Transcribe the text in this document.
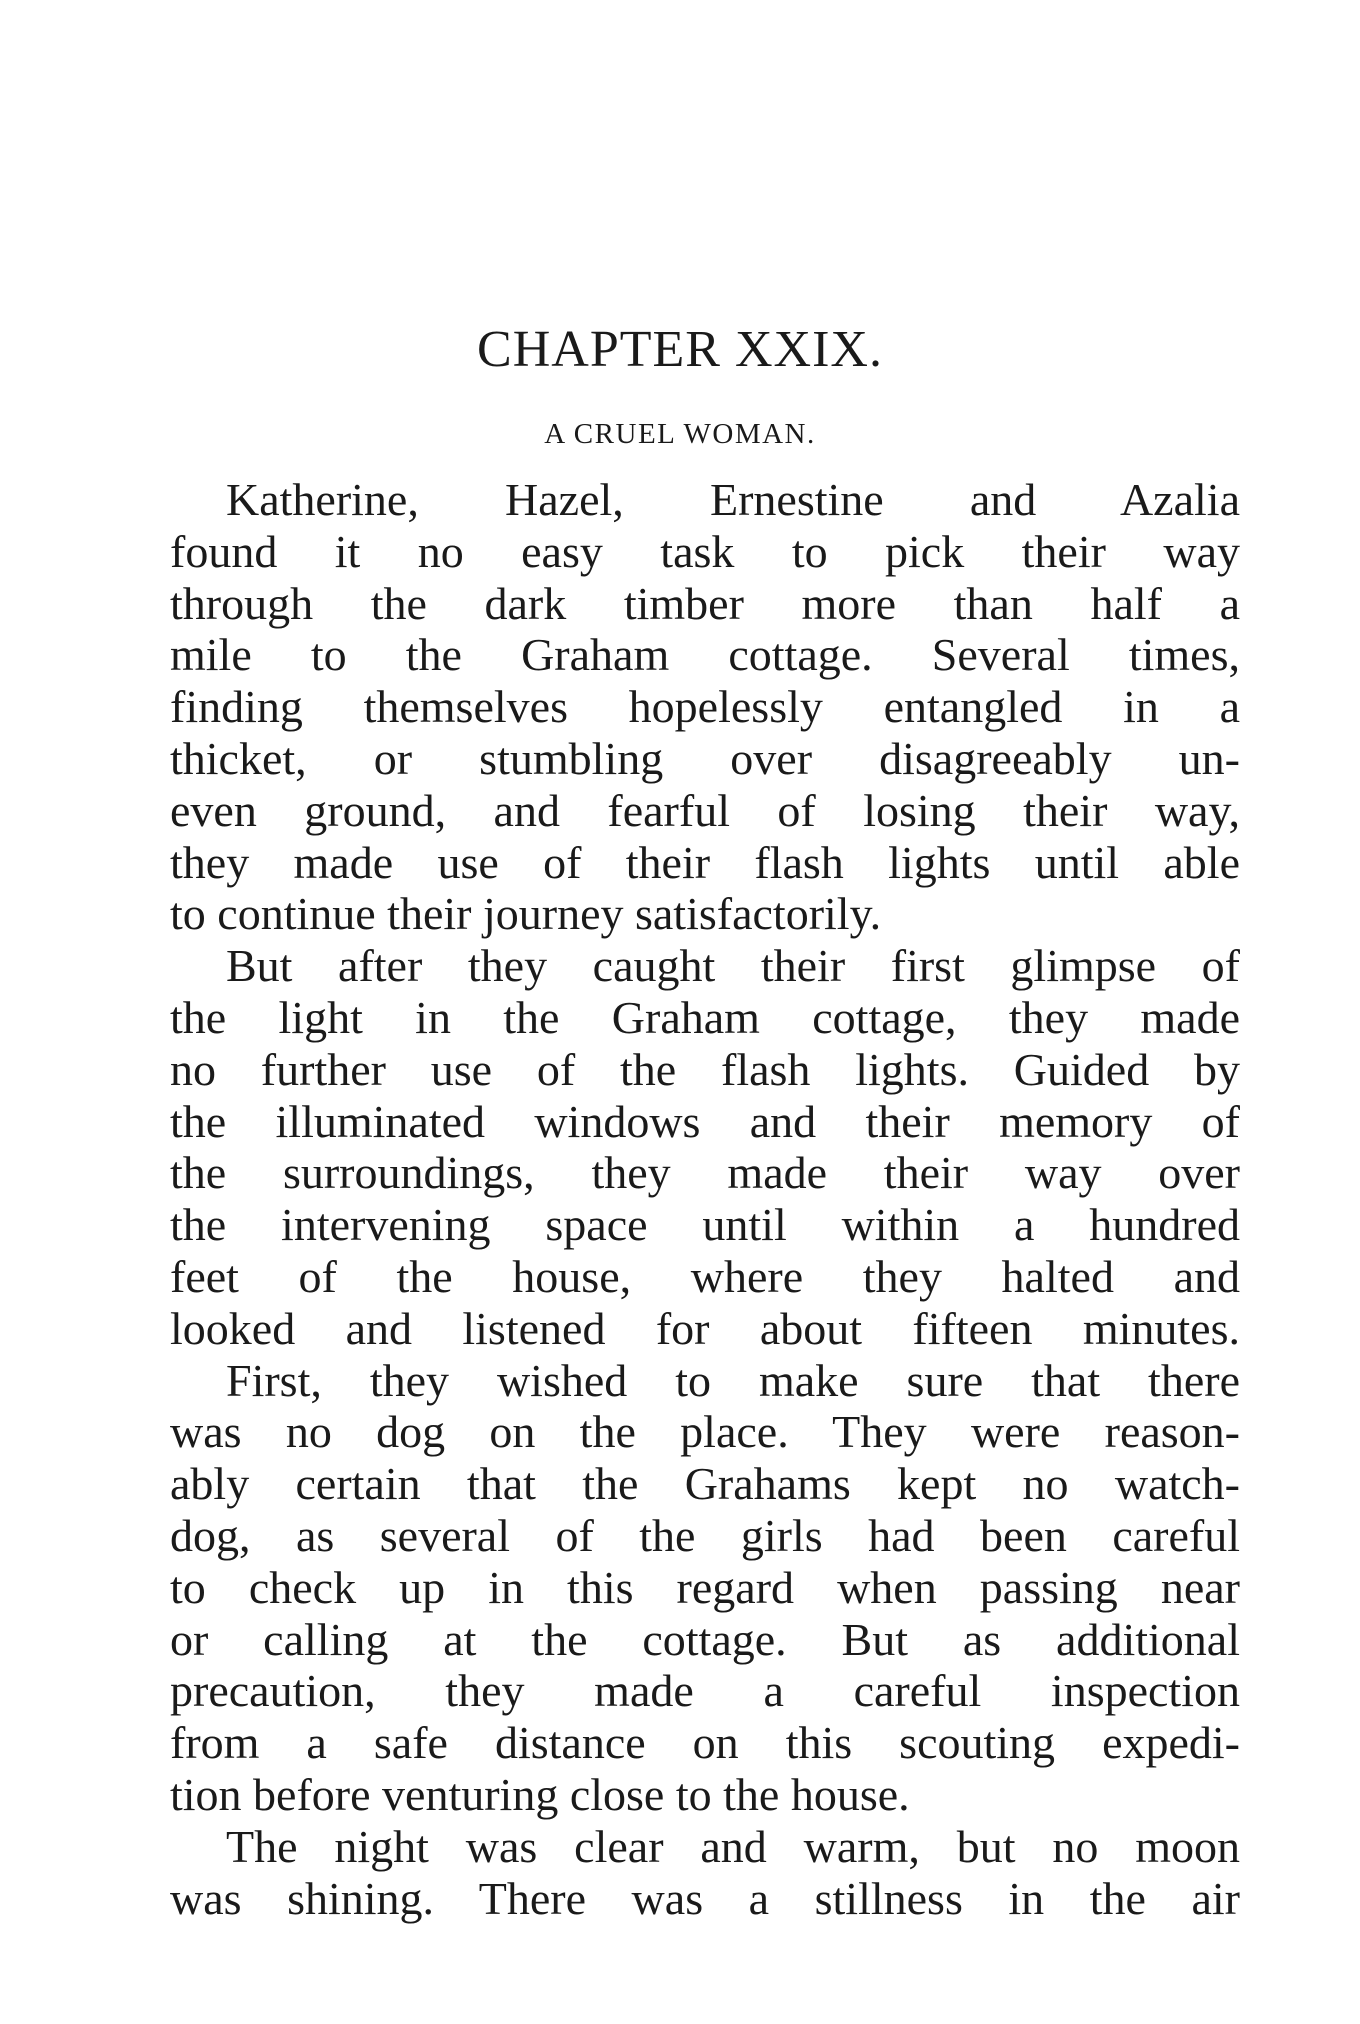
CHAPTER XXIX.
A CRUEL WOMAN.
Katherine, Hazel, Ernestine and Azalia
found it no easy task to pick their way
through the dark timber more than half a
mile to the Graham cottage. Several times,
finding themselves hopelessly entangled in a
thicket, or stumbling over disagreeably un-
even ground, and fearful of losing their way,
they made use of their flash lights until able
to continue their journey satisfactorily.
But after they caught their first glimpse of
the light in the Graham cottage, they made
no further use of the flash lights. Guided by
the illuminated windows and their memory of
the surroundings, they made their way over
the intervening space until within a hundred
feet of the house, where they halted and
looked and listened for about fifteen minutes.
First, they wished to make sure that there
was no dog on the place. They were reason-
ably certain that the Grahams kept no watch-
dog, as several of the girls had been careful
to check up in this regard when passing near
or calling at the cottage. But as additional
precaution, they made a careful inspection
from a safe distance on this scouting expedi-
tion before venturing close to the house.
The night was clear and warm, but no moon
was shining. There was a stillness in the air
